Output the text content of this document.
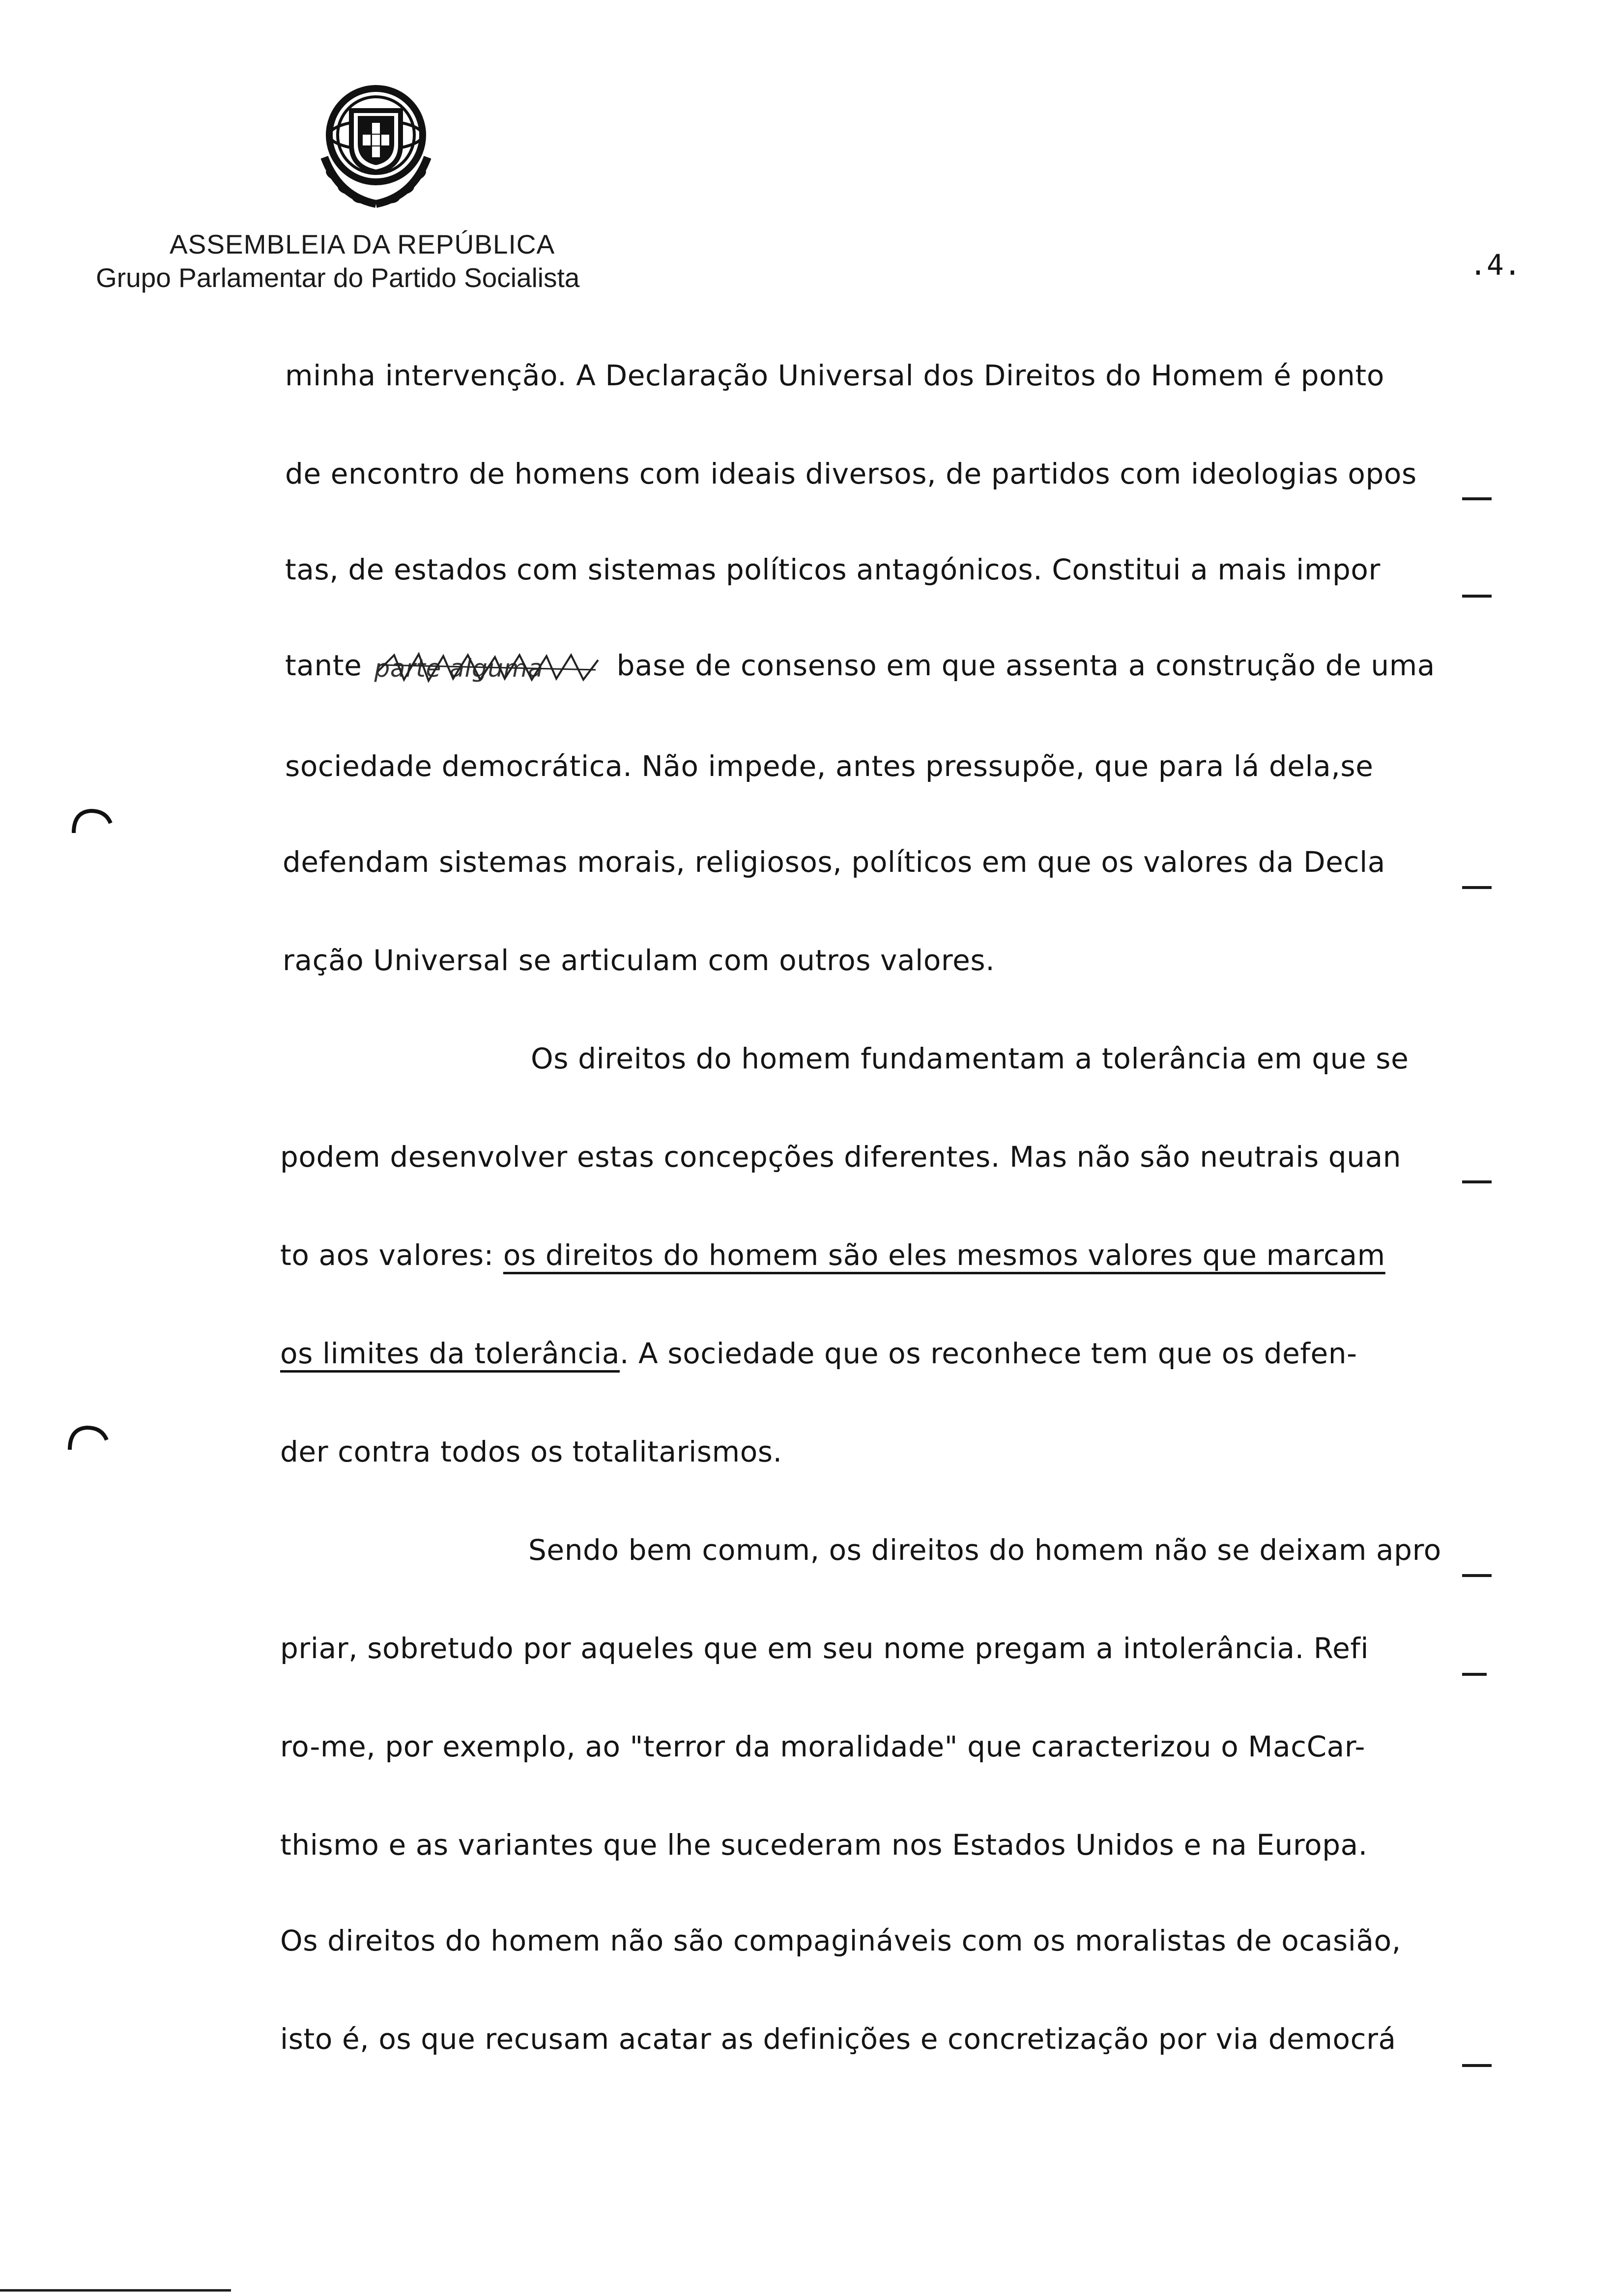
ASSEMBLEIA DA REPÚBLICA
Grupo Parlamentar do Partido Socialista	.4.
minha intervenção. A Declaração Universal dos Direitos do Homem é ponto
de encontro de homens com ideais diversos, de partidos com ideologias opos
tas, de estados com sistemas políticos antagónicos. Constitui a mais impor
tante parte alguma	base de consenso em que assenta a construção de uma
sociedade democrática. Não impede, antes pressupõe, que para lá dela,se
defendam sistemas morais, religiosos, políticos em que os valores da Decla
ração Universal se articulam com outros valores.
Os direitos do homem fundamentam a tolerância em que se
podem desenvolver estas concepções diferentes. Mas não são neutrais quan
to aos valores: os direitos do homem são eles mesmos valores que marcam
os limites da tolerância. A sociedade que os reconhece tem que os defen-
der contra todos os totalitarismos.
Sendo bem comum, os direitos do homem não se deixam apro
priar, sobretudo por aqueles que em seu nome pregam a intolerância. Refi
ro-me, por exemplo, ao "terror da moralidade" que caracterizou o MacCar-
thismo e as variantes que lhe sucederam nos Estados Unidos e na Europa.
Os direitos do homem não são compagináveis com os moralistas de ocasião,
isto é, os que recusam acatar as definições e concretização por via democrá
